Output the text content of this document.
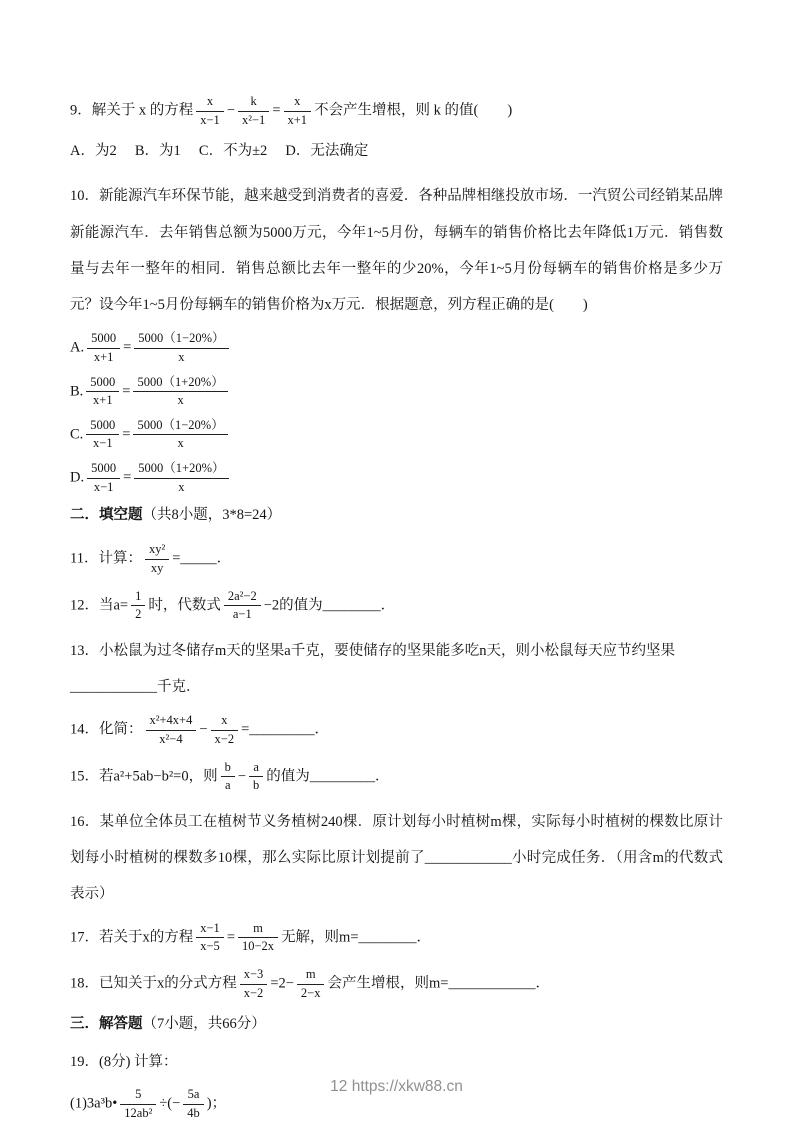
9．解关于 x 的方程 $\frac{x}{x-1} - \frac{k}{\text{x²−1}} = \frac{x}{x+1}$ 不会产生增根，则 k 的值(　　)

A．为2　 B．为1　 C．不为±2　 D．无法确定

10．新能源汽车环保节能，越来越受到消费者的喜爱．各种品牌相继投放市场．一汽贸公司经销某品牌新能源汽车．去年销售总额为5000万元，今年1~5月份，每辆车的销售价格比去年降低1万元．销售数量与去年一整年的相同．销售总额比去年一整年的少20%，今年1~5月份每辆车的销售价格是多少万元？设今年1~5月份每辆车的销售价格为x万元．根据题意，列方程正确的是(　　)

A. $\frac{5000}{x+1} = \frac{5000(1-20\%)}{x}$

B. $\frac{5000}{x+1} = \frac{5000(1+20\%)}{x}$

C. $\frac{5000}{x-1} = \frac{5000(1-20\%)}{x}$

D. $\frac{5000}{x-1} = \frac{5000(1+20\%)}{x}$

二．填空题（共8小题，3*8=24）

11．计算： $\frac{\text{xy²}}{xy}$ =_____．

12．当$a= \frac{1}{2}$ 时，代数式 $\frac{\text{2a²−2}}{a-1} -2$的值为________．

13．小松鼠为过冬储存m天的坚果a千克，要使储存的坚果能多吃n天，则小松鼠每天应节约坚果
____________千克．

14．化简： $\frac{\text{x²+4x+4}}{\text{x²−4}} - \frac{x}{x-2}$ =_________．

15．若a²+5ab−b²=0，则 $\frac{b}{a} - \frac{a}{b}$ 的值为_________．

16．某单位全体员工在植树节义务植树240棵．原计划每小时植树m棵，实际每小时植树的棵数比原计划每小时植树的棵数多10棵，那么实际比原计划提前了____________小时完成任务．（用含m的代数式表示）

17．若关于x的方程 $\frac{x-1}{x-5} = \frac{m}{10-2x}$ 无解，则m=________．

18．已知关于x的分式方程 $\frac{x-3}{x-2} =2- \frac{m}{2-x}$ 会产生增根，则m=____________．

三．解答题（7小题，共66分）

19．(8分) 计算：

(1)3a³b• $\frac{5}{\text{12ab²}}$ ÷(− $\frac{5a}{4b}$ )；

12 https://xkw88.cn
